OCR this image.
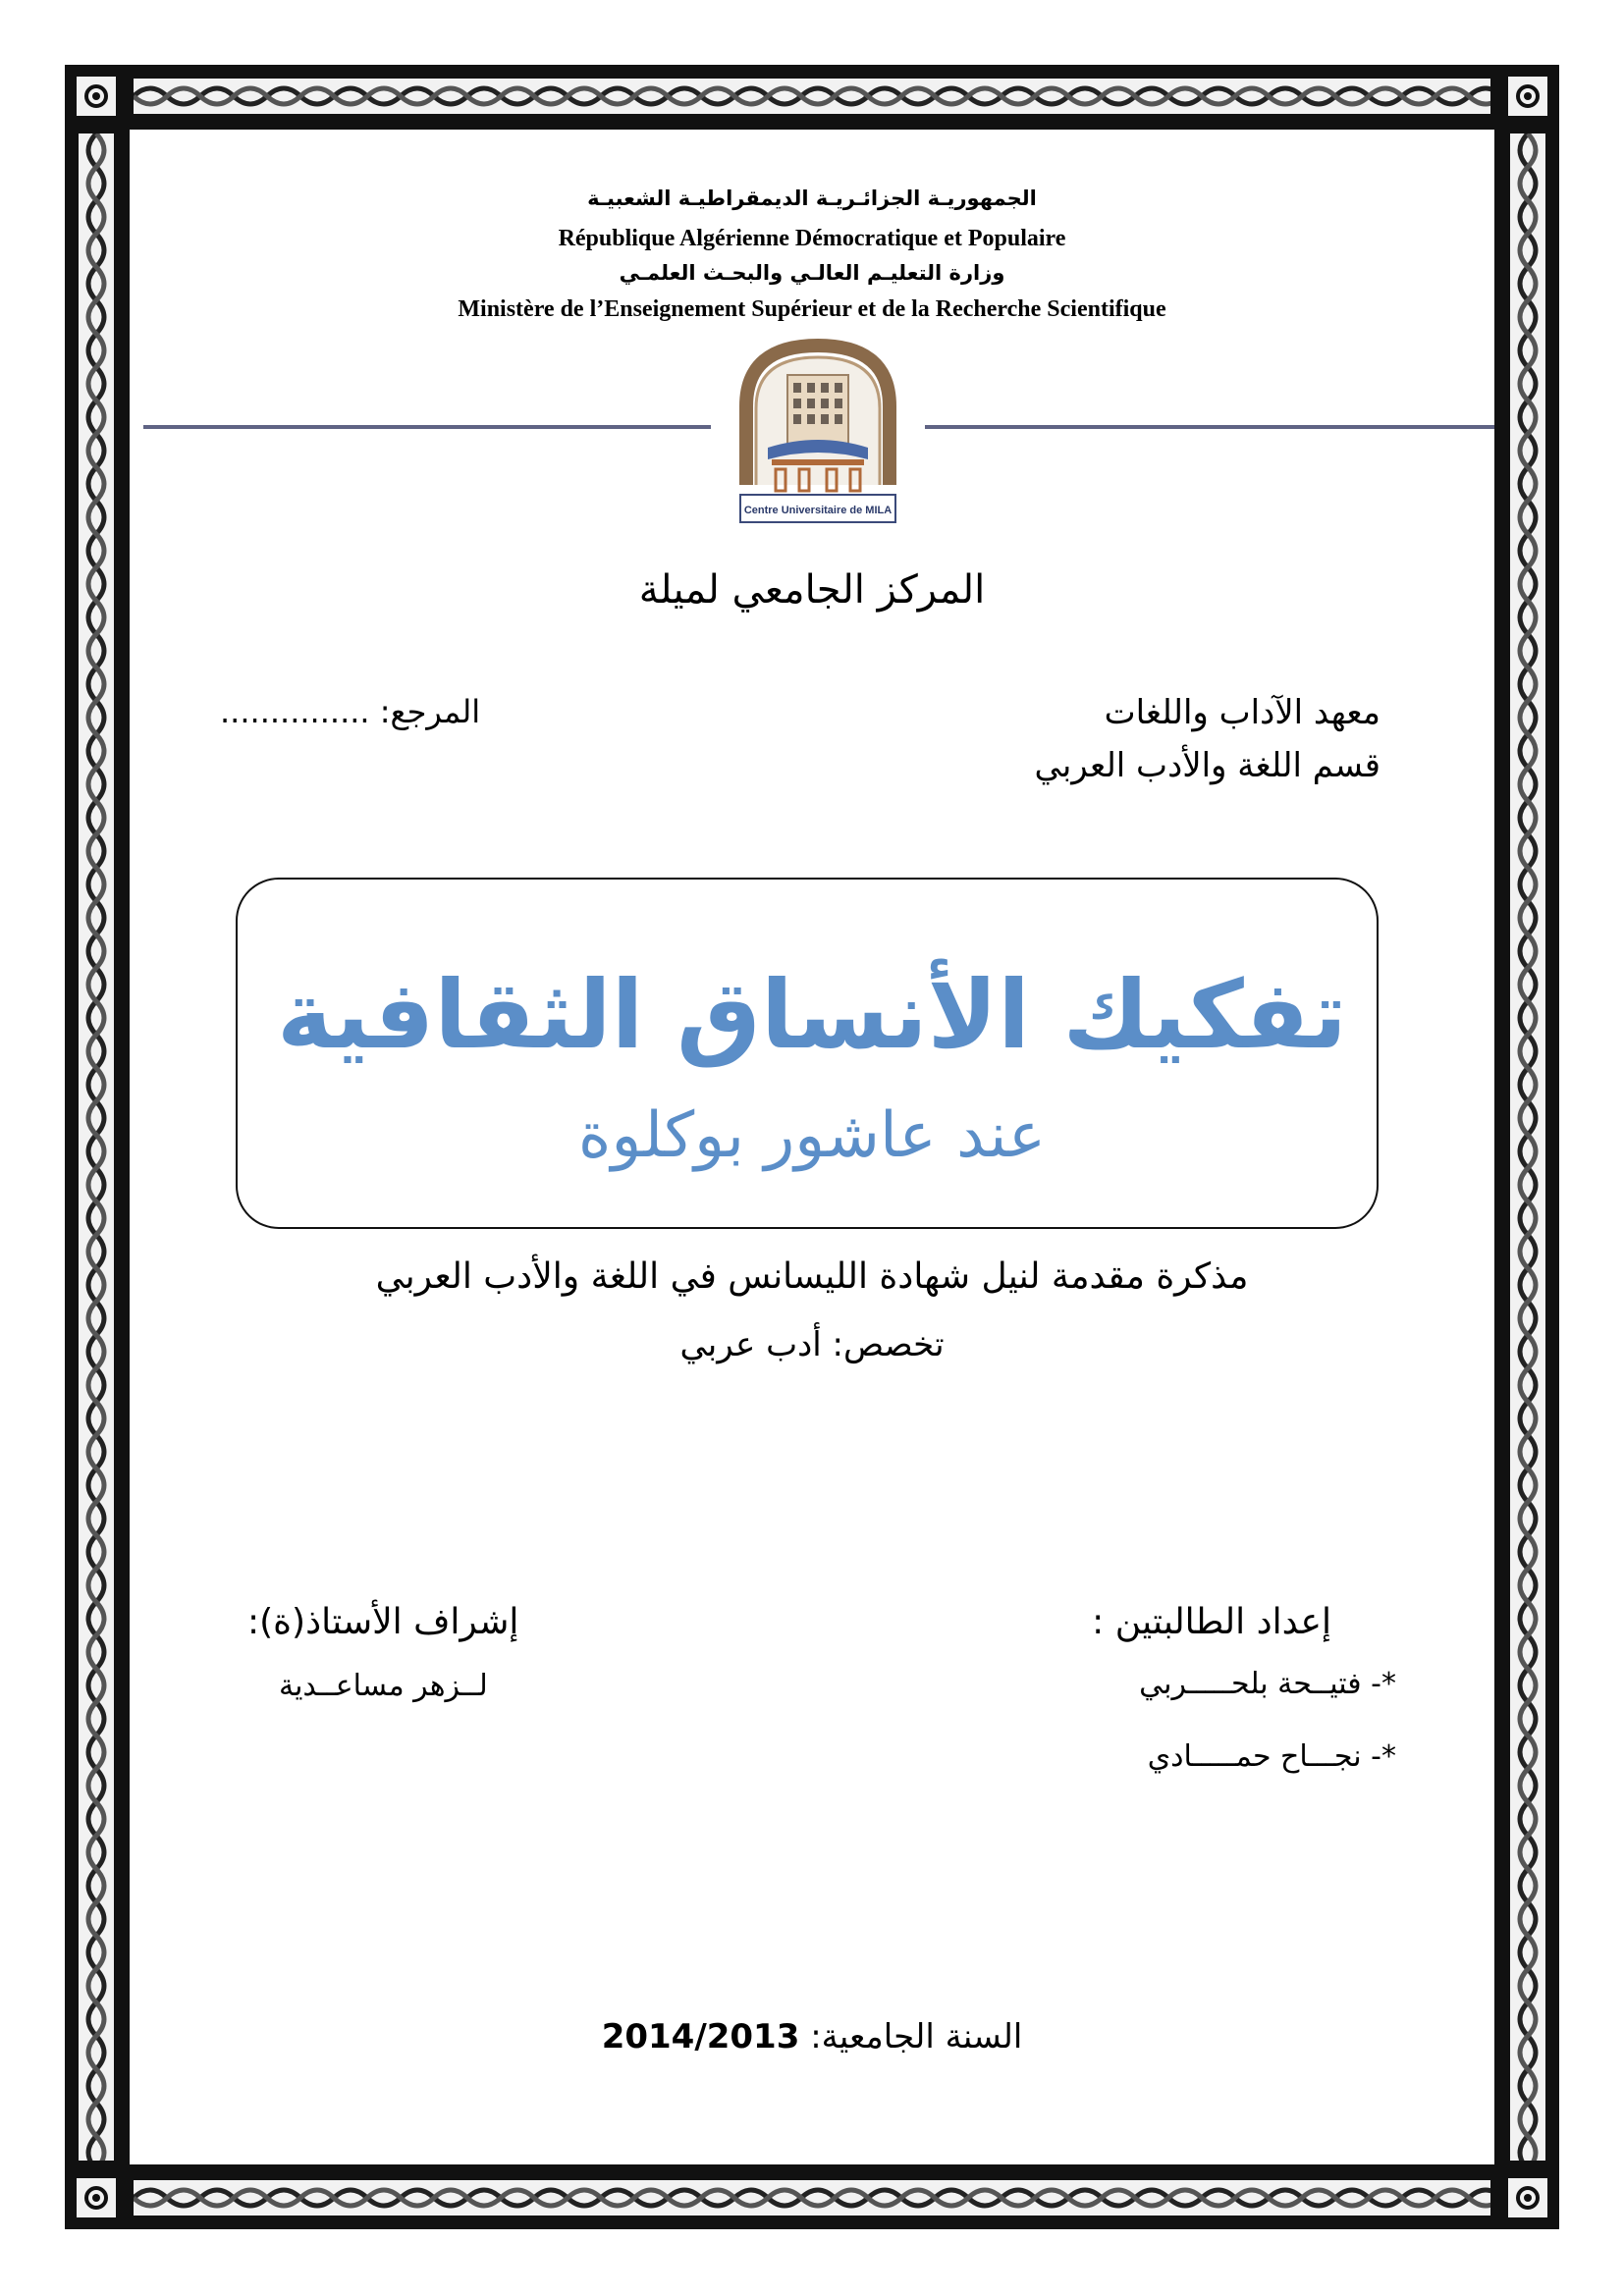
الجمهوريـة الجزائـريـة الديمقراطيـة الشعبيـة
République Algérienne Démocratique et Populaire
وزارة التعليـم العالـي والبحـث العلمـي
Ministère de l’Enseignement Supérieur et de la Recherche Scientifique
Centre Universitaire de MILA
المركز الجامعي لميلة
معهد الآداب واللغات
قسم اللغة والأدب العربي
المرجع: ...............
تفكيك الأنساق الثقافية
عند عاشور بوكلوة
مذكرة مقدمة لنيل شهادة الليسانس في اللغة والأدب العربي
تخصص: أدب عربي
إعداد الطالبتين :
*- فتيــحة بلحـــــربي
*- نجـــاح حمـــــادي
إشراف الأستاذ(ة):
لــزهر مساعــدية
السنة الجامعية: 2014/2013
